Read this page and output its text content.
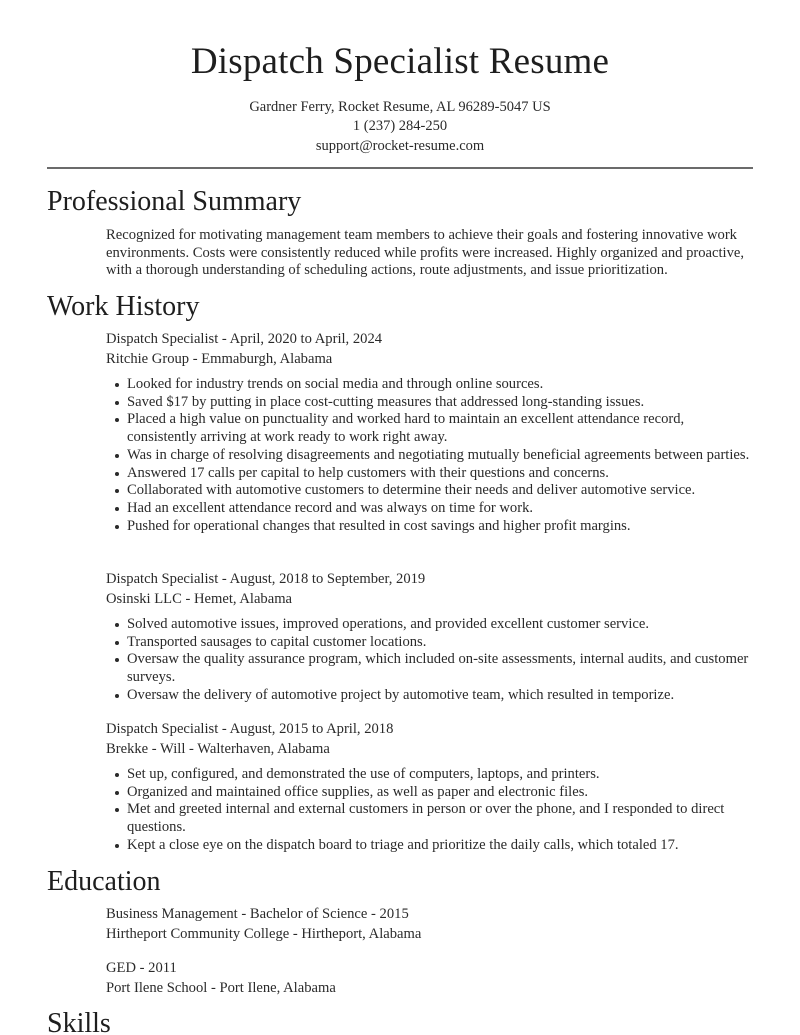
Dispatch Specialist Resume
Gardner Ferry, Rocket Resume, AL 96289-5047 US
1 (237) 284-250
support@rocket-resume.com
Professional Summary

Recognized for motivating management team members to achieve their goals and fostering innovative work environments. Costs were consistently reduced while profits were increased. Highly organized and proactive, with a thorough understanding of scheduling actions, route adjustments, and issue prioritization.

Work History
Dispatch Specialist - April, 2020 to April, 2024
Ritchie Group - Emmaburgh, Alabama
Looked for industry trends on social media and through online sources.
Saved $17 by putting in place cost-cutting measures that addressed long-standing issues.
Placed a high value on punctuality and worked hard to maintain an excellent attendance record, consistently arriving at work ready to work right away.
Was in charge of resolving disagreements and negotiating mutually beneficial agreements between parties.
Answered 17 calls per capital to help customers with their questions and concerns.
Collaborated with automotive customers to determine their needs and deliver automotive service.
Had an excellent attendance record and was always on time for work.
Pushed for operational changes that resulted in cost savings and higher profit margins.
Dispatch Specialist - August, 2018 to September, 2019
Osinski LLC - Hemet, Alabama
Solved automotive issues, improved operations, and provided excellent customer service.
Transported sausages to capital customer locations.
Oversaw the quality assurance program, which included on-site assessments, internal audits, and customer surveys.
Oversaw the delivery of automotive project by automotive team, which resulted in temporize.
Dispatch Specialist - August, 2015 to April, 2018
Brekke - Will - Walterhaven, Alabama
Set up, configured, and demonstrated the use of computers, laptops, and printers.
Organized and maintained office supplies, as well as paper and electronic files.
Met and greeted internal and external customers in person or over the phone, and I responded to direct questions.
Kept a close eye on the dispatch board to triage and prioritize the daily calls, which totaled 17.
Education
Business Management - Bachelor of Science - 2015
Hirtheport Community College - Hirtheport, Alabama
GED - 2011
Port Ilene School - Port Ilene, Alabama
Skills
